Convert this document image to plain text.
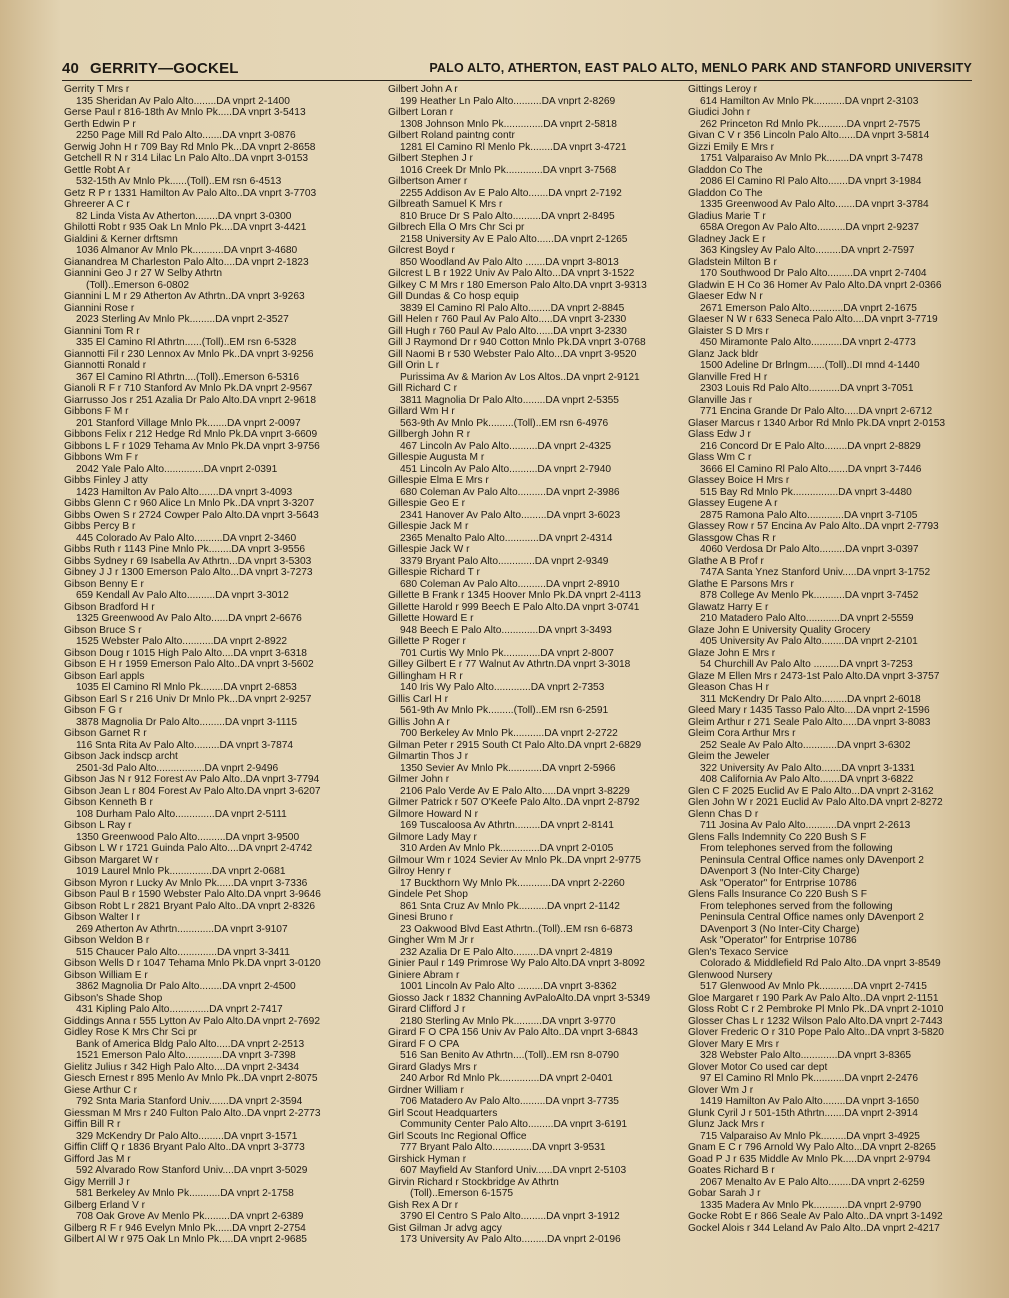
40 GERRITY—GOCKEL	PALO ALTO, ATHERTON, EAST PALO ALTO, MENLO PARK AND STANFORD UNIVERSITY
Gerrity T Mrs r
135 Sheridan Av Palo Alto........DA vnprt 2-1400
Gerse Paul r 816-18th Av Mnlo Pk.....DA vnprt 3-5413
Gerth Edwin P r
2250 Page Mill Rd Palo Alto.......DA vnprt 3-0876
Gerwig John H r 709 Bay Rd Mnlo Pk...DA vnprt 2-8658
Getchell R N r 314 Lilac Ln Palo Alto..DA vnprt 3-0153
Gettle Robt A r
532-15th Av Mnlo Pk......(Toll)..EM rsn 6-4513
Getz R P r 1331 Hamilton Av Palo Alto..DA vnprt 3-7703
Ghreerer A C r
82 Linda Vista Av Atherton........DA vnprt 3-0300
Ghilotti Robt r 935 Oak Ln Mnlo Pk....DA vnprt 3-4421
Gialdini & Kerner drftsmn
1036 Almanor Av Mnlo Pk...........DA vnprt 3-4680
Gianandrea M Charleston Palo Alto....DA vnprt 2-1823
Giannini Geo J r 27 W Selby Athrtn
(Toll)..Emerson 6-0802
Giannini L M r 29 Atherton Av Athrtn..DA vnprt 3-9263
Giannini Rose r
2023 Sterling Av Mnlo Pk.........DA vnprt 2-3527
Giannini Tom R r
335 El Camino Rl Athrtn......(Toll)..EM rsn 6-5328
Giannotti Fil r 230 Lennox Av Mnlo Pk..DA vnprt 3-9256
Giannotti Ronald r
367 El Camino Rl Athrtn....(Toll)..Emerson 6-5316
Gianoli R F r 710 Stanford Av Mnlo Pk.DA vnprt 2-9567
Giarrusso Jos r 251 Azalia Dr Palo Alto.DA vnprt 2-9618
Gibbons F M r
201 Stanford Village Mnlo Pk.......DA vnprt 2-0097
Gibbons Felix r 212 Hedge Rd Mnlo Pk.DA vnprt 3-6609
Gibbons L F r 1029 Tehama Av Mnlo Pk.DA vnprt 3-9756
Gibbons Wm F r
2042 Yale Palo Alto..............DA vnprt 2-0391
Gibbs Finley J atty
1423 Hamilton Av Palo Alto.......DA vnprt 3-4093
Gibbs Glenn C r 960 Alice Ln Mnlo Pk..DA vnprt 3-3207
Gibbs Owen S r 2724 Cowper Palo Alto.DA vnprt 3-5643
Gibbs Percy B r
445 Colorado Av Palo Alto..........DA vnprt 2-3460
Gibbs Ruth r 1143 Pine Mnlo Pk........DA vnprt 3-9556
Gibbs Sydney r 69 Isabella Av Athrtn...DA vnprt 3-5303
Gibney J J r 1300 Emerson Palo Alto...DA vnprt 3-7273
Gibson Benny E r
659 Kendall Av Palo Alto..........DA vnprt 3-3012
Gibson Bradford H r
1325 Greenwood Av Palo Alto......DA vnprt 2-6676
Gibson Bruce S r
1525 Webster Palo Alto...........DA vnprt 2-8922
Gibson Doug r 1015 High Palo Alto....DA vnprt 3-6318
Gibson E H r 1959 Emerson Palo Alto..DA vnprt 3-5602
Gibson Earl appls
1035 El Camino Rl Mnlo Pk........DA vnprt 2-6853
Gibson Earl S r 216 Univ Dr Mnlo Pk...DA vnprt 2-9257
Gibson F G r
3878 Magnolia Dr Palo Alto.........DA vnprt 3-1115
Gibson Garnet R r
116 Snta Rita Av Palo Alto.........DA vnprt 3-7874
Gibson Jack indscp archt
2501-3d Palo Alto.................DA vnprt 2-9496
Gibson Jas N r 912 Forest Av Palo Alto..DA vnprt 3-7794
Gibson Jean L r 804 Forest Av Palo Alto.DA vnprt 3-6207
Gibson Kenneth B r
108 Durham Palo Alto..............DA vnprt 2-5111
Gibson L Ray r
1350 Greenwood Palo Alto..........DA vnprt 3-9500
Gibson L W r 1721 Guinda Palo Alto....DA vnprt 2-4742
Gibson Margaret W r
1019 Laurel Mnlo Pk...............DA vnprt 2-0681
Gibson Myron r Lucky Av Mnlo Pk......DA vnprt 3-7336
Gibson Paul B r 1590 Webster Palo Alto.DA vnprt 3-9646
Gibson Robt L r 2821 Bryant Palo Alto..DA vnprt 2-8326
Gibson Walter I r
269 Atherton Av Athrtn.............DA vnprt 3-9107
Gibson Weldon B r
515 Chaucer Palo Alto..............DA vnprt 3-3411
Gibson Wells D r 1047 Tehama Mnlo Pk.DA vnprt 3-0120
Gibson William E r
3862 Magnolia Dr Palo Alto........DA vnprt 2-4500
Gibson's Shade Shop
431 Kipling Palo Alto..............DA vnprt 2-7417
Giddings Anna r 555 Lytton Av Palo Alto.DA vnprt 2-7692
Gidley Rose K Mrs Chr Sci pr
Bank of America Bldg Palo Alto.....DA vnprt 2-2513
1521 Emerson Palo Alto.............DA vnprt 3-7398
Gielitz Julius r 342 High Palo Alto....DA vnprt 2-3434
Giesch Ernest r 895 Menlo Av Mnlo Pk..DA vnprt 2-8075
Giese Arthur C r
792 Snta Maria Stanford Univ.......DA vnprt 2-3594
Giessman M Mrs r 240 Fulton Palo Alto..DA vnprt 2-2773
Giffin Bill R r
329 McKendry Dr Palo Alto.........DA vnprt 3-1571
Giffin Cliff Q r 1836 Bryant Palo Alto..DA vnprt 3-3773
Gifford Jas M r
592 Alvarado Row Stanford Univ....DA vnprt 3-5029
Gigy Merrill J r
581 Berkeley Av Mnlo Pk...........DA vnprt 2-1758
Gilberg Erland V r
708 Oak Grove Av Menlo Pk.........DA vnprt 2-6389
Gilberg R F r 946 Evelyn Mnlo Pk......DA vnprt 2-2754
Gilbert Al W r 975 Oak Ln Mnlo Pk.....DA vnprt 2-9685
Gilbert John A r
199 Heather Ln Palo Alto..........DA vnprt 2-8269
Gilbert Loran r
1308 Johnson Mnlo Pk..............DA vnprt 2-5818
Gilbert Roland paintng contr
1281 El Camino Rl Menlo Pk........DA vnprt 3-4721
Gilbert Stephen J r
1016 Creek Dr Mnlo Pk.............DA vnprt 3-7568
Gilbertson Amer r
2255 Addison Av E Palo Alto.......DA vnprt 2-7192
Gilbreath Samuel K Mrs r
810 Bruce Dr S Palo Alto..........DA vnprt 2-8495
Gilbrech Ella O Mrs Chr Sci pr
2158 University Av E Palo Alto......DA vnprt 2-1265
Gilcrest Boyd r
850 Woodland Av Palo Alto .......DA vnprt 3-8013
Gilcrest L B r 1922 Univ Av Palo Alto...DA vnprt 3-1522
Gilkey C M Mrs r 180 Emerson Palo Alto.DA vnprt 3-9313
Gill Dundas & Co hosp equip
3839 El Camino Rl Palo Alto........DA vnprt 2-8845
Gill Helen r 760 Paul Av Palo Alto.....DA vnprt 3-2330
Gill Hugh r 760 Paul Av Palo Alto......DA vnprt 3-2330
Gill J Raymond Dr r 940 Cotton Mnlo Pk.DA vnprt 3-0768
Gill Naomi B r 530 Webster Palo Alto...DA vnprt 3-9520
Gill Orin L r
Purissima Av & Marion Av Los Altos..DA vnprt 2-9121
Gill Richard C r
3811 Magnolia Dr Palo Alto........DA vnprt 2-5355
Gillard Wm H r
563-9th Av Mnlo Pk.........(Toll)..EM rsn 6-4976
Gillbergh John R r
467 Lincoln Av Palo Alto..........DA vnprt 2-4325
Gillespie Augusta M r
451 Lincoln Av Palo Alto..........DA vnprt 2-7940
Gillespie Elma E Mrs r
680 Coleman Av Palo Alto..........DA vnprt 2-3986
Gillespie Geo E r
2341 Hanover Av Palo Alto.........DA vnprt 3-6023
Gillespie Jack M r
2365 Menalto Palo Alto............DA vnprt 2-4314
Gillespie Jack W r
3379 Bryant Palo Alto.............DA vnprt 2-9349
Gillespie Richard T r
680 Coleman Av Palo Alto..........DA vnprt 2-8910
Gillette B Frank r 1345 Hoover Mnlo Pk.DA vnprt 2-4113
Gillette Harold r 999 Beech E Palo Alto.DA vnprt 3-0741
Gillette Howard E r
948 Beech E Palo Alto.............DA vnprt 3-3493
Gillette P Roger r
701 Curtis Wy Mnlo Pk.............DA vnprt 2-8007
Gilley Gilbert E r 77 Walnut Av Athrtn.DA vnprt 3-3018
Gillingham H R r
140 Iris Wy Palo Alto.............DA vnprt 2-7353
Gillis Carl H r
561-9th Av Mnlo Pk.........(Toll)..EM rsn 6-2591
Gillis John A r
700 Berkeley Av Mnlo Pk...........DA vnprt 2-2722
Gilman Peter r 2915 South Ct Palo Alto.DA vnprt 2-6829
Gilmartin Thos J r
1350 Sevier Av Mnlo Pk............DA vnprt 2-5966
Gilmer John r
2106 Palo Verde Av E Palo Alto.....DA vnprt 3-8229
Gilmer Patrick r 507 O'Keefe Palo Alto..DA vnprt 2-8792
Gilmore Howard N r
169 Tuscaloosa Av Athrtn.........DA vnprt 2-8141
Gilmore Lady May r
310 Arden Av Mnlo Pk..............DA vnprt 2-0105
Gilmour Wm r 1024 Sevier Av Mnlo Pk..DA vnprt 2-9775
Gilroy Henry r
17 Buckthorn Wy Mnlo Pk............DA vnprt 2-2260
Gindele Pet Shop
861 Snta Cruz Av Mnlo Pk..........DA vnprt 2-1142
Ginesi Bruno r
23 Oakwood Blvd East Athrtn..(Toll)..EM rsn 6-6873
Gingher Wm M Jr r
232 Azalia Dr E Palo Alto.........DA vnprt 2-4819
Ginier Paul r 149 Primrose Wy Palo Alto.DA vnprt 3-8092
Giniere Abram r
1001 Lincoln Av Palo Alto .........DA vnprt 3-8362
Giosso Jack r 1832 Channing AvPaloAlto.DA vnprt 3-5349
Girard Clifford J r
2180 Sterling Av Mnlo Pk..........DA vnprt 3-9770
Girard F O CPA 156 Univ Av Palo Alto..DA vnprt 3-6843
Girard F O CPA
516 San Benito Av Athrtn....(Toll)..EM rsn 8-0790
Girard Gladys Mrs r
240 Arbor Rd Mnlo Pk..............DA vnprt 2-0401
Girdner William r
706 Matadero Av Palo Alto.........DA vnprt 3-7735
Girl Scout Headquarters
Community Center Palo Alto.........DA vnprt 3-6191
Girl Scouts Inc Regional Office
777 Bryant Palo Alto..............DA vnprt 3-9531
Girshick Hyman r
607 Mayfield Av Stanford Univ......DA vnprt 2-5103
Girvin Richard r Stockbridge Av Athrtn
(Toll)..Emerson 6-1575
Gish Rex A Dr r
3790 El Centro S Palo Alto.........DA vnprt 3-1912
Gist Gilman Jr advg agcy
173 University Av Palo Alto.........DA vnprt 2-0196
Gittings Leroy r
614 Hamilton Av Mnlo Pk...........DA vnprt 2-3103
Giudici John r
262 Princeton Rd Mnlo Pk..........DA vnprt 2-7575
Givan C V r 356 Lincoln Palo Alto......DA vnprt 3-5814
Gizzi Emily E Mrs r
1751 Valparaiso Av Mnlo Pk........DA vnprt 3-7478
Gladdon Co The
2086 El Camino Rl Palo Alto.......DA vnprt 3-1984
Gladdon Co The
1335 Greenwood Av Palo Alto.......DA vnprt 3-3784
Gladius Marie T r
658A Oregon Av Palo Alto..........DA vnprt 2-9237
Gladney Jack E r
363 Kingsley Av Palo Alto.........DA vnprt 2-7597
Gladstein Milton B r
170 Southwood Dr Palo Alto.........DA vnprt 2-7404
Gladwin E H Co 36 Homer Av Palo Alto.DA vnprt 2-0366
Glaeser Edw N r
2671 Emerson Palo Alto............DA vnprt 2-1675
Glaeser N W r 633 Seneca Palo Alto....DA vnprt 3-7719
Glaister S D Mrs r
450 Miramonte Palo Alto...........DA vnprt 2-4773
Glanz Jack bldr
1500 Adeline Dr Brlngm......(Toll)..DI mnd 4-1440
Glanville Fred H r
2303 Louis Rd Palo Alto...........DA vnprt 3-7051
Glanville Jas r
771 Encina Grande Dr Palo Alto.....DA vnprt 2-6712
Glaser Marcus r 1340 Arbor Rd Mnlo Pk.DA vnprt 2-0153
Glass Edw J r
216 Concord Dr E Palo Alto........DA vnprt 2-8829
Glass Wm C r
3666 El Camino Rl Palo Alto.......DA vnprt 3-7446
Glassey Boice H Mrs r
515 Bay Rd Mnlo Pk................DA vnprt 3-4480
Glassey Eugene A r
2875 Ramona Palo Alto.............DA vnprt 3-7105
Glassey Row r 57 Encina Av Palo Alto..DA vnprt 2-7793
Glassgow Chas R r
4060 Verdosa Dr Palo Alto.........DA vnprt 3-0397
Glathe A B Prof r
747A Santa Ynez Stanford Univ.....DA vnprt 3-1752
Glathe E Parsons Mrs r
878 College Av Menlo Pk...........DA vnprt 3-7452
Glawatz Harry E r
210 Matadero Palo Alto............DA vnprt 2-5559
Glaze John E University Quality Grocery
405 University Av Palo Alto........DA vnprt 2-2101
Glaze John E Mrs r
54 Churchill Av Palo Alto .........DA vnprt 3-7253
Glaze M Ellen Mrs r 2473-1st Palo Alto.DA vnprt 3-3757
Gleason Chas H r
311 McKendry Dr Palo Alto.........DA vnprt 2-6018
Gleed Mary r 1435 Tasso Palo Alto....DA vnprt 2-1596
Gleim Arthur r 271 Seale Palo Alto.....DA vnprt 3-8083
Gleim Cora Arthur Mrs r
252 Seale Av Palo Alto............DA vnprt 3-6302
Gleim the Jeweler
322 University Av Palo Alto.......DA vnprt 3-1331
408 California Av Palo Alto.......DA vnprt 3-6822
Glen C F 2025 Euclid Av E Palo Alto...DA vnprt 2-3162
Glen John W r 2021 Euclid Av Palo Alto.DA vnprt 2-8272
Glenn Chas D r
711 Josina Av Palo Alto...........DA vnprt 2-2613
Glens Falls Indemnity Co 220 Bush S F
From telephones served from the following
Peninsula Central Office names only DAvenport 2
DAvenport 3 (No Inter-City Charge)
Ask "Operator" for Entrprise 10786
Glens Falls Insurance Co 220 Bush S F
From telephones served from the following
Peninsula Central Office names only DAvenport 2
DAvenport 3 (No Inter-City Charge)
Ask "Operator" for Entrprise 10786
Glen's Texaco Service
Colorado & Middlefield Rd Palo Alto..DA vnprt 3-8549
Glenwood Nursery
517 Glenwood Av Mnlo Pk............DA vnprt 2-7415
Gloe Margaret r 190 Park Av Palo Alto..DA vnprt 2-1151
Gloss Robt C r 2 Pembroke Pl Mnlo Pk..DA vnprt 2-1010
Glosser Chas L r 1232 Wilson Palo Alto.DA vnprt 2-7443
Glover Frederic O r 310 Pope Palo Alto..DA vnprt 3-5820
Glover Mary E Mrs r
328 Webster Palo Alto.............DA vnprt 3-8365
Glover Motor Co used car dept
97 El Camino Rl Mnlo Pk...........DA vnprt 2-2476
Glover Wm J r
1419 Hamilton Av Palo Alto........DA vnprt 3-1650
Glunk Cyril J r 501-15th Athrtn.......DA vnprt 2-3914
Glunz Jack Mrs r
715 Valparaiso Av Mnlo Pk.........DA vnprt 3-4925
Gnam E C r 796 Arnold Wy Palo Alto...DA vnprt 2-8265
Goad P J r 635 Middle Av Mnlo Pk.....DA vnprt 2-9794
Goates Richard B r
2067 Menalto Av E Palo Alto........DA vnprt 2-6259
Gobar Sarah J r
1335 Madera Av Mnlo Pk............DA vnprt 2-9790
Gocke Robt E r 866 Seale Av Palo Alto..DA vnprt 3-1492
Gockel Alois r 344 Leland Av Palo Alto..DA vnprt 2-4217
